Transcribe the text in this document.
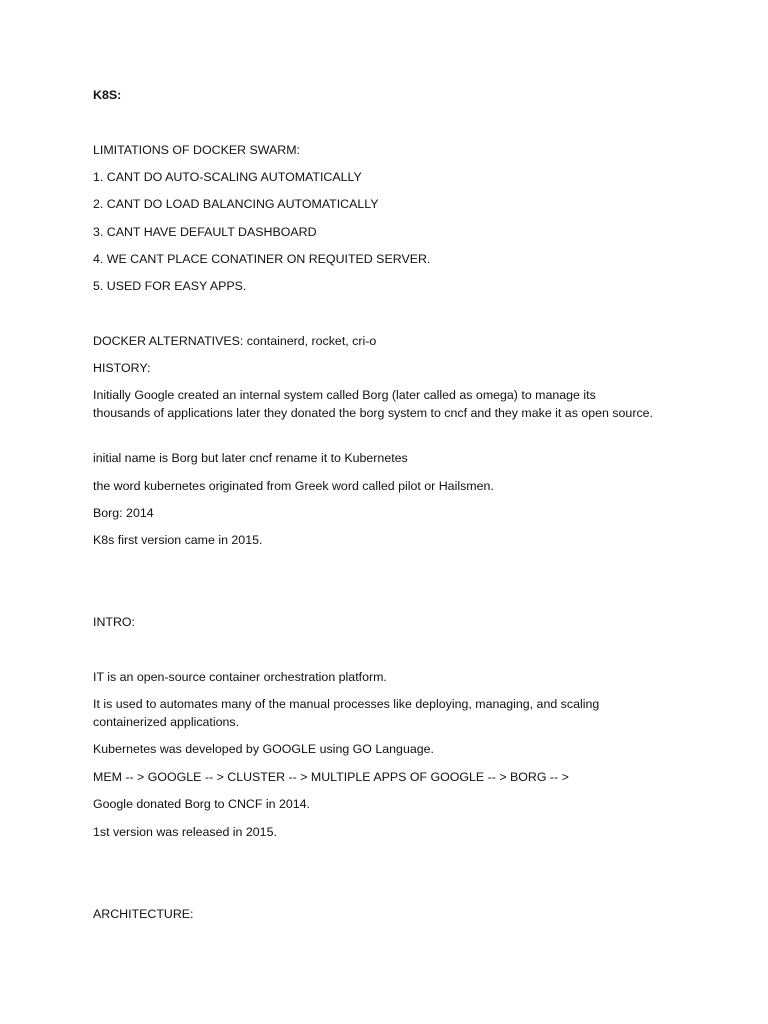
K8S:
LIMITATIONS OF DOCKER SWARM:
1. CANT DO AUTO-SCALING AUTOMATICALLY
2. CANT DO LOAD BALANCING AUTOMATICALLY
3. CANT HAVE DEFAULT DASHBOARD
4. WE CANT PLACE CONATINER ON REQUITED SERVER.
5. USED FOR EASY APPS.
DOCKER ALTERNATIVES: containerd, rocket, cri-o
HISTORY:
Initially Google created an internal system called Borg (later called as omega) to manage its thousands of applications later they donated the borg system to cncf and they make it as open source.
initial name is Borg but later cncf rename it to Kubernetes
the word kubernetes originated from Greek word called pilot or Hailsmen.
Borg: 2014
K8s first version came in 2015.
INTRO:
IT is an open-source container orchestration platform.
It is used to automates many of the manual processes like deploying, managing, and scaling containerized applications.
Kubernetes was developed by GOOGLE using GO Language.
MEM -- > GOOGLE -- > CLUSTER -- > MULTIPLE APPS OF GOOGLE -- > BORG -- >
Google donated Borg to CNCF in 2014.
1st version was released in 2015.
ARCHITECTURE:
